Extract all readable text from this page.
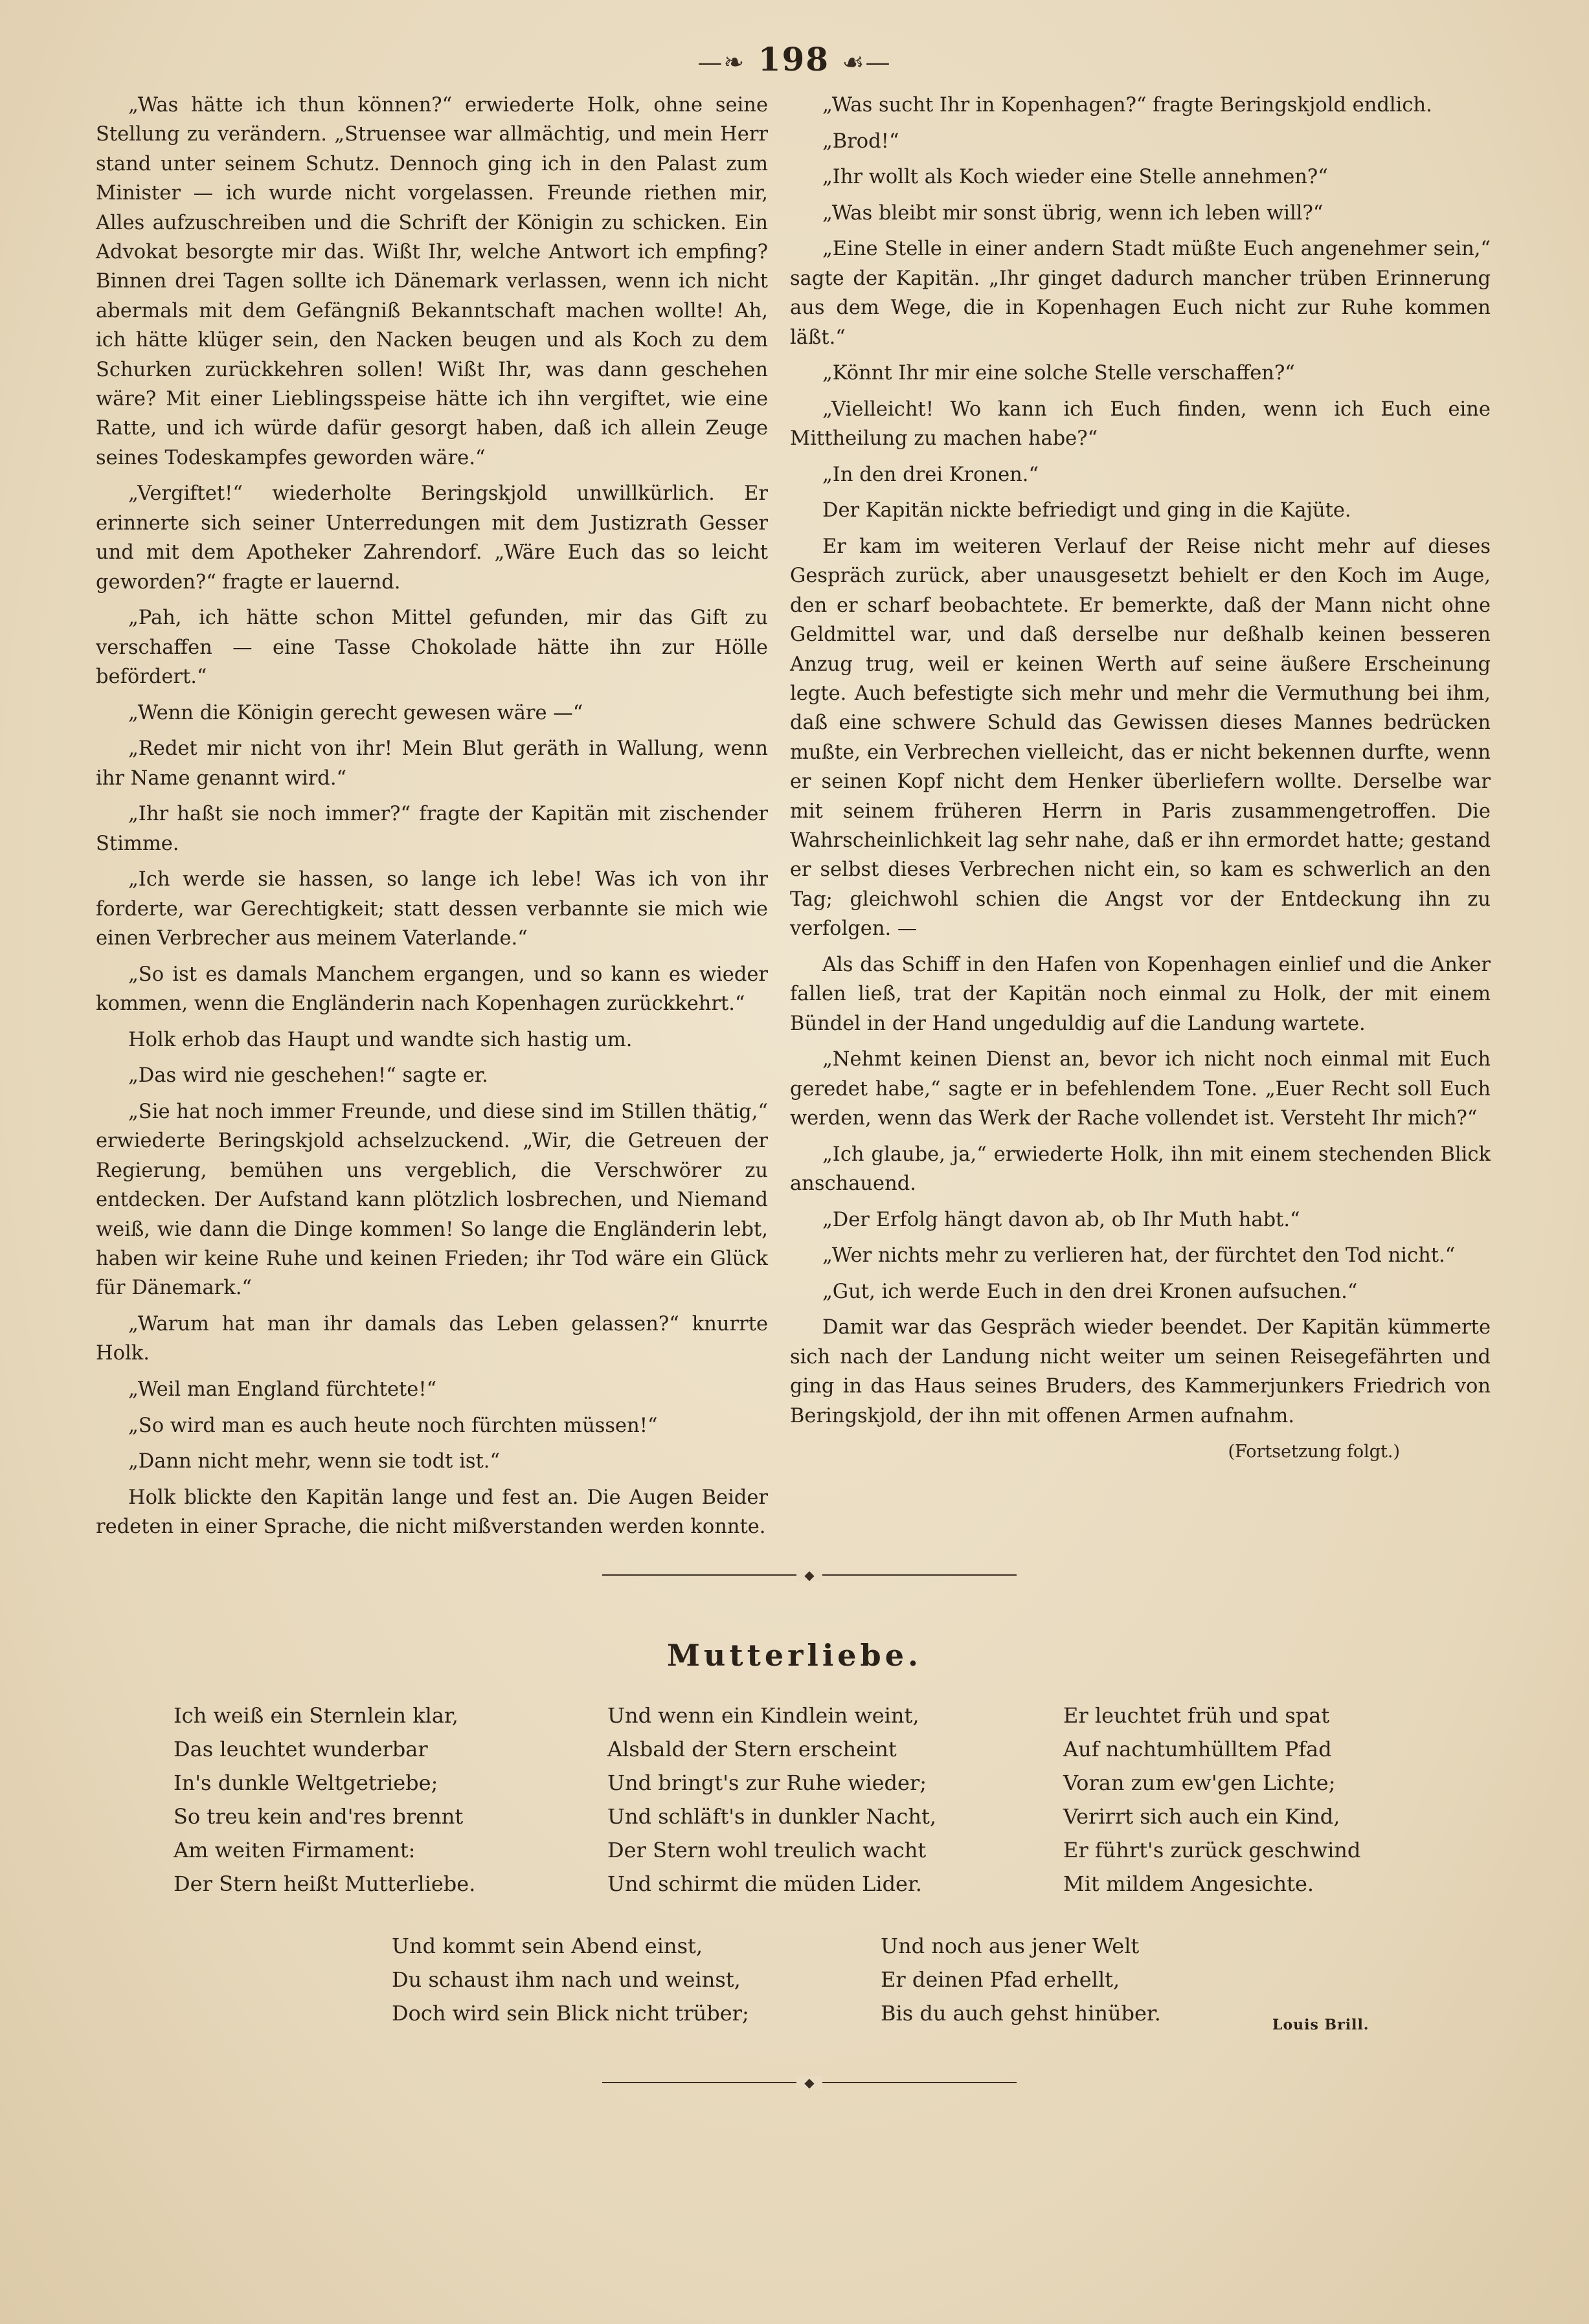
—❧ 198 ☙—

„Was hätte ich thun können?“ erwiederte Holk, ohne seine Stellung zu verändern. „Struensee war allmächtig, und mein Herr stand unter seinem Schutz. Dennoch ging ich in den Palast zum Minister — ich wurde nicht vorgelassen. Freunde riethen mir, Alles aufzuschreiben und die Schrift der Königin zu schicken. Ein Advokat besorgte mir das. Wißt Ihr, welche Antwort ich empfing? Binnen drei Tagen sollte ich Dänemark verlassen, wenn ich nicht abermals mit dem Gefängniß Bekanntschaft machen wollte! Ah, ich hätte klüger sein, den Nacken beugen und als Koch zu dem Schurken zurückkehren sollen! Wißt Ihr, was dann geschehen wäre? Mit einer Lieblingsspeise hätte ich ihn vergiftet, wie eine Ratte, und ich würde dafür gesorgt haben, daß ich allein Zeuge seines Todeskampfes geworden wäre.“

„Vergiftet!“ wiederholte Beringskjold unwillkürlich. Er erinnerte sich seiner Unterredungen mit dem Justizrath Gesser und mit dem Apotheker Zahrendorf. „Wäre Euch das so leicht geworden?“ fragte er lauernd.

„Pah, ich hätte schon Mittel gefunden, mir das Gift zu verschaffen — eine Tasse Chokolade hätte ihn zur Hölle befördert.“

„Wenn die Königin gerecht gewesen wäre —“

„Redet mir nicht von ihr! Mein Blut geräth in Wallung, wenn ihr Name genannt wird.“

„Ihr haßt sie noch immer?“ fragte der Kapitän mit zischender Stimme.

„Ich werde sie hassen, so lange ich lebe! Was ich von ihr forderte, war Gerechtigkeit; statt dessen verbannte sie mich wie einen Verbrecher aus meinem Vaterlande.“

„So ist es damals Manchem ergangen, und so kann es wieder kommen, wenn die Engländerin nach Kopenhagen zurückkehrt.“

Holk erhob das Haupt und wandte sich hastig um.

„Das wird nie geschehen!“ sagte er.

„Sie hat noch immer Freunde, und diese sind im Stillen thätig,“ erwiederte Beringskjold achselzuckend. „Wir, die Getreuen der Regierung, bemühen uns vergeblich, die Verschwörer zu entdecken. Der Aufstand kann plötzlich losbrechen, und Niemand weiß, wie dann die Dinge kommen! So lange die Engländerin lebt, haben wir keine Ruhe und keinen Frieden; ihr Tod wäre ein Glück für Dänemark.“

„Warum hat man ihr damals das Leben gelassen?“ knurrte Holk.

„Weil man England fürchtete!“

„So wird man es auch heute noch fürchten müssen!“

„Dann nicht mehr, wenn sie todt ist.“

Holk blickte den Kapitän lange und fest an. Die Augen Beider redeten in einer Sprache, die nicht mißverstanden werden konnte.

„Was sucht Ihr in Kopenhagen?“ fragte Beringskjold endlich.

„Brod!“

„Ihr wollt als Koch wieder eine Stelle annehmen?“

„Was bleibt mir sonst übrig, wenn ich leben will?“

„Eine Stelle in einer andern Stadt müßte Euch angenehmer sein,“ sagte der Kapitän. „Ihr ginget dadurch mancher trüben Erinnerung aus dem Wege, die in Kopenhagen Euch nicht zur Ruhe kommen läßt.“

„Könnt Ihr mir eine solche Stelle verschaffen?“

„Vielleicht! Wo kann ich Euch finden, wenn ich Euch eine Mittheilung zu machen habe?“

„In den drei Kronen.“

Der Kapitän nickte befriedigt und ging in die Kajüte.

Er kam im weiteren Verlauf der Reise nicht mehr auf dieses Gespräch zurück, aber unausgesetzt behielt er den Koch im Auge, den er scharf beobachtete. Er bemerkte, daß der Mann nicht ohne Geldmittel war, und daß derselbe nur deßhalb keinen besseren Anzug trug, weil er keinen Werth auf seine äußere Erscheinung legte. Auch befestigte sich mehr und mehr die Vermuthung bei ihm, daß eine schwere Schuld das Gewissen dieses Mannes bedrücken mußte, ein Verbrechen vielleicht, das er nicht bekennen durfte, wenn er seinen Kopf nicht dem Henker überliefern wollte. Derselbe war mit seinem früheren Herrn in Paris zusammengetroffen. Die Wahrscheinlichkeit lag sehr nahe, daß er ihn ermordet hatte; gestand er selbst dieses Verbrechen nicht ein, so kam es schwerlich an den Tag; gleichwohl schien die Angst vor der Entdeckung ihn zu verfolgen. —

Als das Schiff in den Hafen von Kopenhagen einlief und die Anker fallen ließ, trat der Kapitän noch einmal zu Holk, der mit einem Bündel in der Hand ungeduldig auf die Landung wartete.

„Nehmt keinen Dienst an, bevor ich nicht noch einmal mit Euch geredet habe,“ sagte er in befehlendem Tone. „Euer Recht soll Euch werden, wenn das Werk der Rache vollendet ist. Versteht Ihr mich?“

„Ich glaube, ja,“ erwiederte Holk, ihn mit einem stechenden Blick anschauend.

„Der Erfolg hängt davon ab, ob Ihr Muth habt.“

„Wer nichts mehr zu verlieren hat, der fürchtet den Tod nicht.“

„Gut, ich werde Euch in den drei Kronen aufsuchen.“

Damit war das Gespräch wieder beendet. Der Kapitän kümmerte sich nach der Landung nicht weiter um seinen Reisegefährten und ging in das Haus seines Bruders, des Kammerjunkers Friedrich von Beringskjold, der ihn mit offenen Armen aufnahm.

(Fortsetzung folgt.)

◆
Mutterliebe.
Ich weiß ein Sternlein klar,
Das leuchtet wunderbar
In's dunkle Weltgetriebe;
So treu kein and'res brennt
Am weiten Firmament:
Der Stern heißt Mutterliebe.
Und wenn ein Kindlein weint,
Alsbald der Stern erscheint
Und bringt's zur Ruhe wieder;
Und schläft's in dunkler Nacht,
Der Stern wohl treulich wacht
Und schirmt die müden Lider.
Er leuchtet früh und spat
Auf nachtumhülltem Pfad
Voran zum ew'gen Lichte;
Verirrt sich auch ein Kind,
Er führt's zurück geschwind
Mit mildem Angesichte.
Und kommt sein Abend einst,
Du schaust ihm nach und weinst,
Doch wird sein Blick nicht trüber;
Und noch aus jener Welt
Er deinen Pfad erhellt,
Bis du auch gehst hinüber.	Louis Brill.
◆
